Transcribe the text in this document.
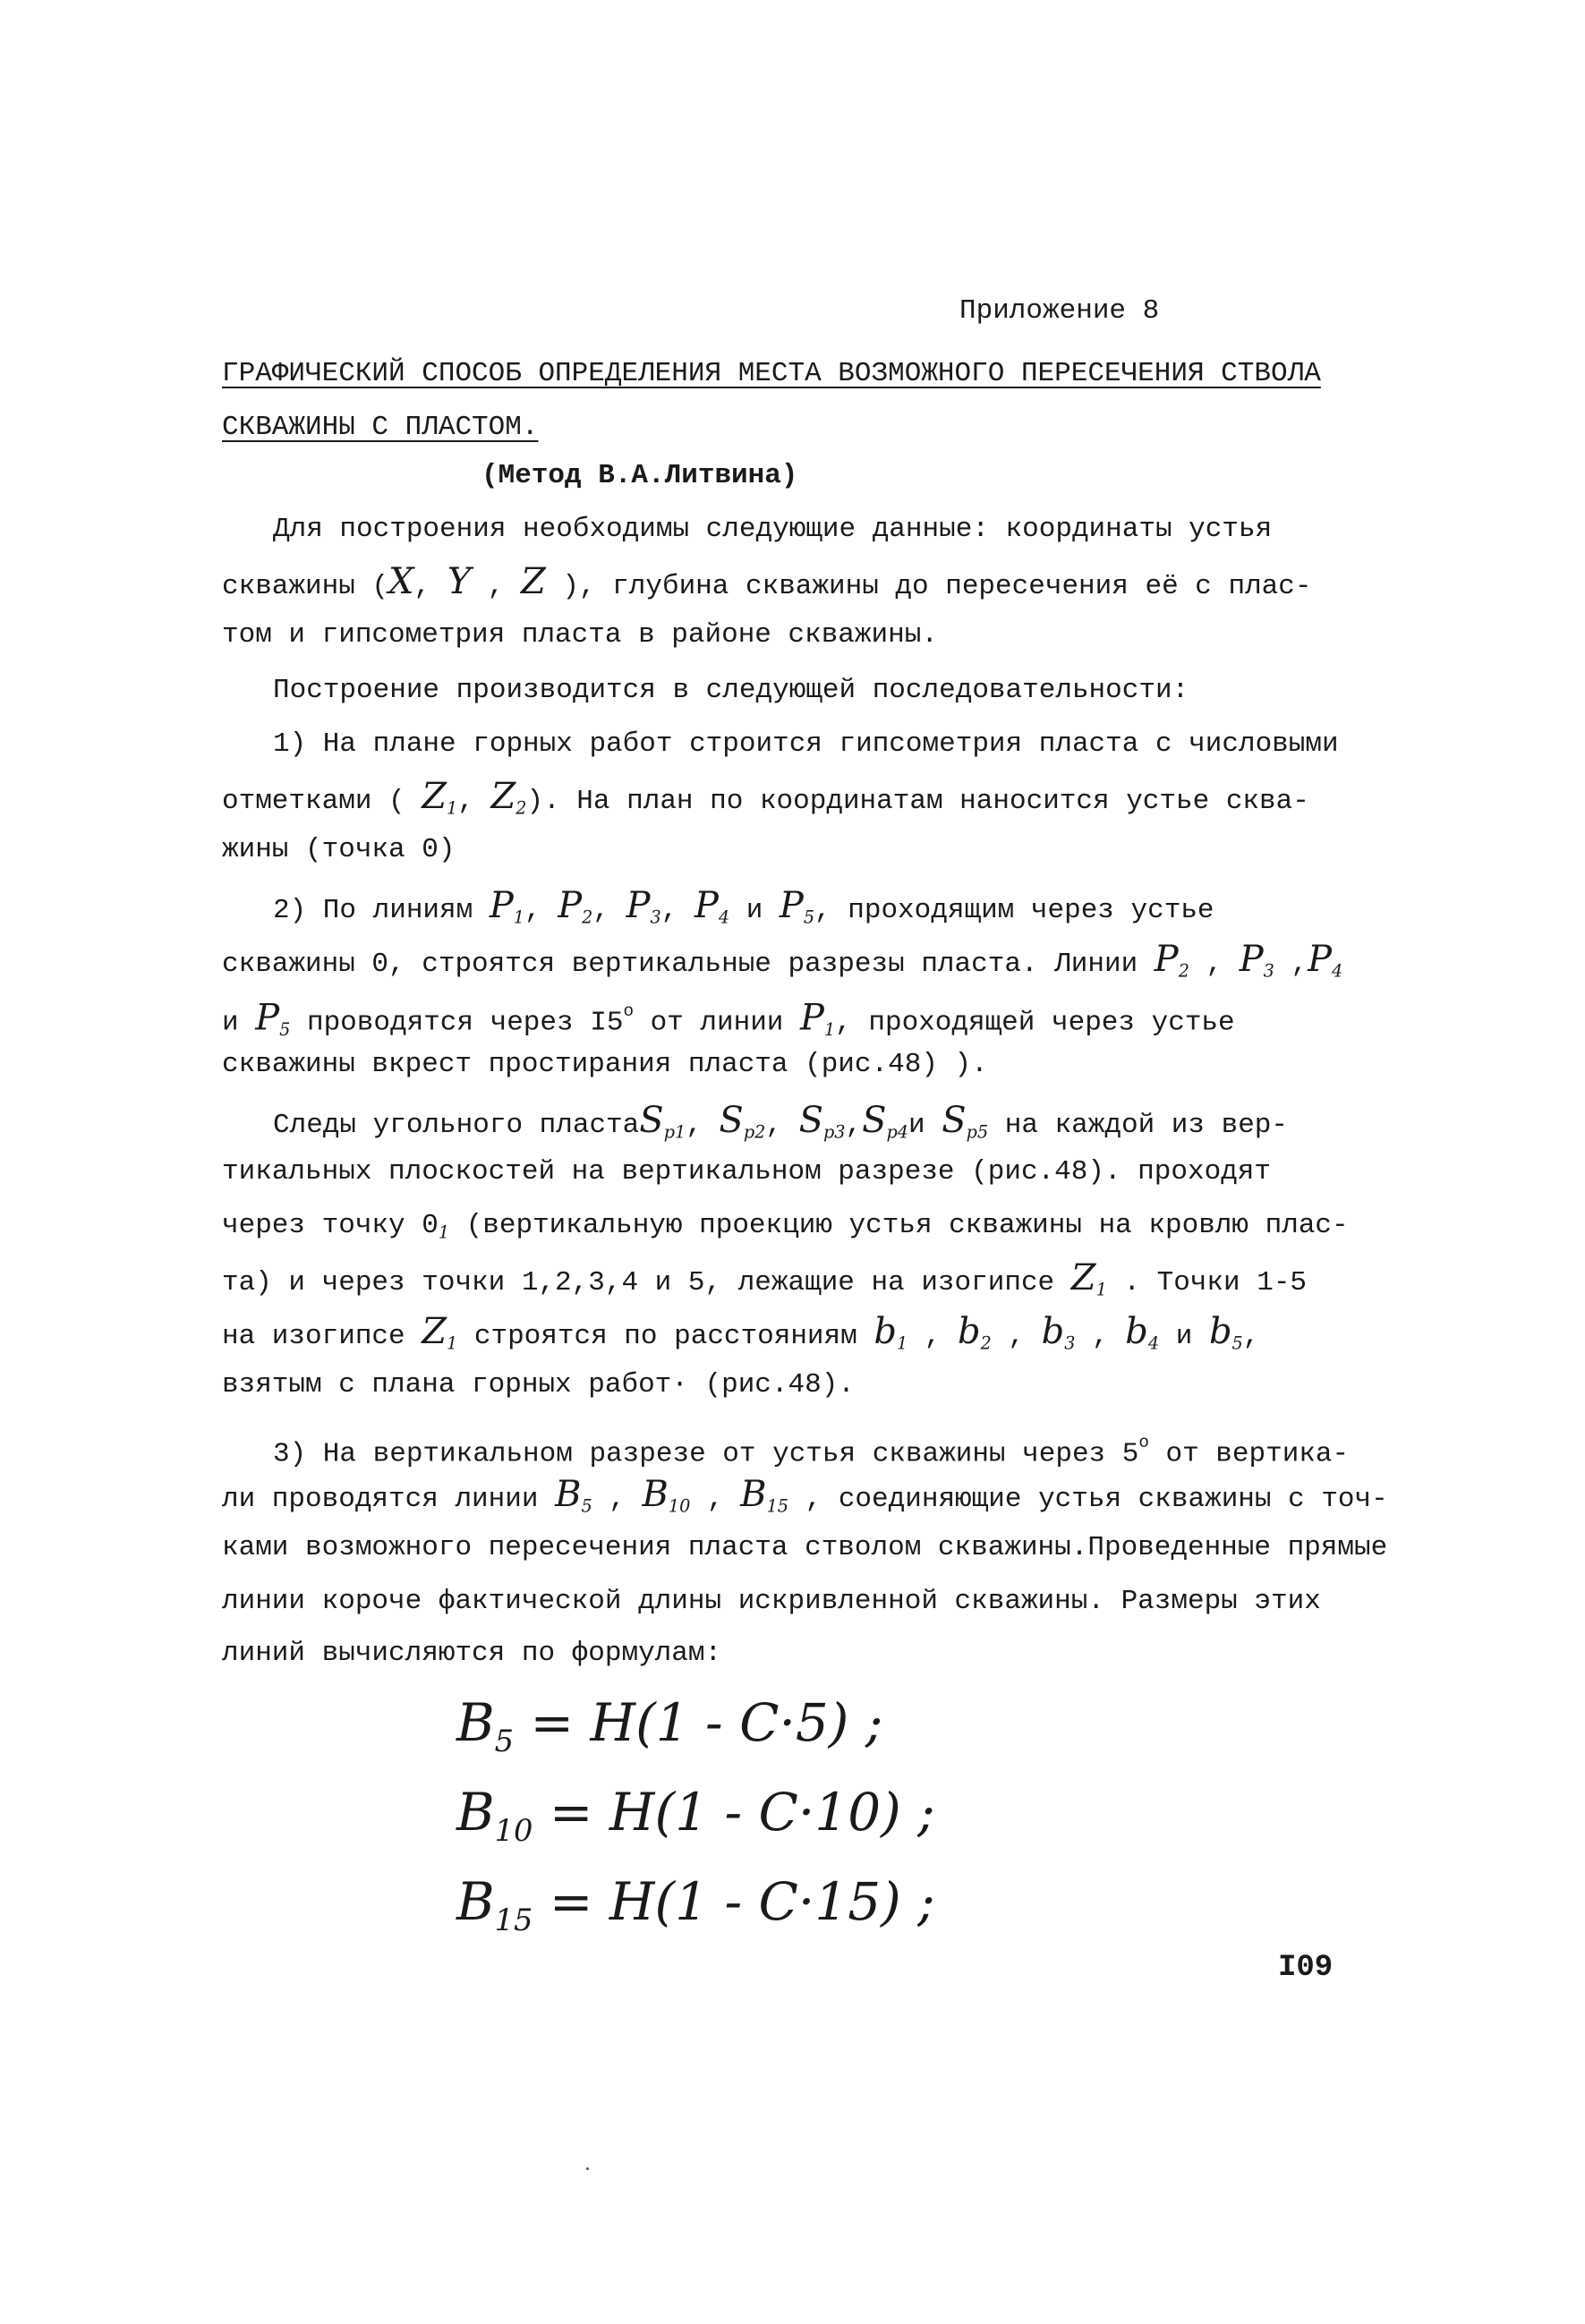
Приложение 8
ГРАФИЧЕСКИЙ СПОСОБ ОПРЕДЕЛЕНИЯ МЕСТА ВОЗМОЖНОГО ПЕРЕСЕЧЕНИЯ СТВОЛА
СКВАЖИНЫ С ПЛАСТОМ.
(Метод В.А.Литвина)
Для построения необходимы следующие данные: координаты устья
скважины (X, Y , Z ), глубина скважины до пересечения её с плас-
том и гипсометрия пласта в районе скважины.
Построение производится в следующей последовательности:
1) На плане горных работ строится гипсометрия пласта с числовыми
отметками ( $Z_1$, $Z_2$). На план по координатам наносится устье сква-
жины (точка 0)
2) По линиям $P_1$, $P_2$, $P_3$, $P_4$ и $P_5$, проходящим через устье
скважины 0, строятся вертикальные разрезы пласта. Линии $P_2$ , $P_3$ $,P_4$
и $P_5$ проводятся через I5$^o$ от линии $P_1$, проходящей через устье
скважины вкрест простирания пласта (рис.48) ).
Следы угольного пластаS$_{p1}$, $S_{p2}$, $S_{p3},S_{p4}и$ $S_{p5}$ на каждой из вер-
тикальных плоскостей на вертикальном разрезе (рис.48). проходят
через точку $0_1$ (вертикальную проекцию устья скважины на кровлю плас-
та) и через точки 1,2,3,4 и 5, лежащие на изогипсе $Z_1$ . Точки 1-5
на изогипсе $Z_1$ строятся по расстояниям $b_1$ , $b_2$ , $b_3$ , $b_4$ и $b_5$,
взятым с плана горных работ· (рис.48).
3) На вертикальном разрезе от устья скважины через 5$^o$ от вертика-
ли проводятся линии $B_5$ , $B_{10}$ , $B_{15}$ , соединяющие устья скважины с точ-
ками возможного пересечения пласта стволом скважины.Проведенные прямые
линии короче фактической длины искривленной скважины. Размеры этих
линий вычисляются по формулам:
$B_5 = H(1 - C\cdot 5)$ ;
$B_{10} = H(1 - C\cdot 10)$ ;
$B_{15} = H(1 - C\cdot 15)$ ;
I09
